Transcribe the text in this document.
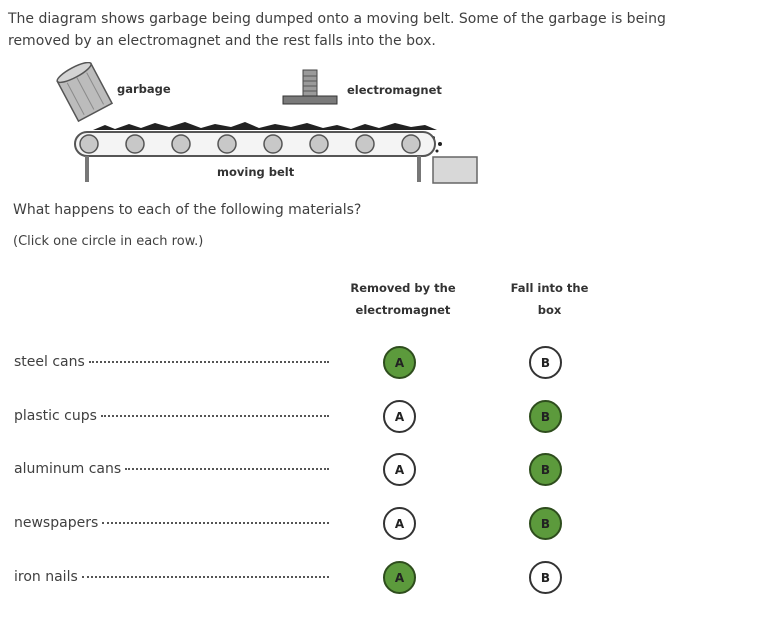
The diagram shows garbage being dumped onto a moving belt. Some of the garbage is being removed by an electromagnet and the rest falls into the box.
garbage	electromagnet
moving belt
What happens to each of the following materials?
(Click one circle in each row.)
Removed by the
electromagnet
Fall into the
box
steel cans	A	B
plastic cups	A	B
aluminum cans	A	B
newspapers	A	B
iron nails	A	B
